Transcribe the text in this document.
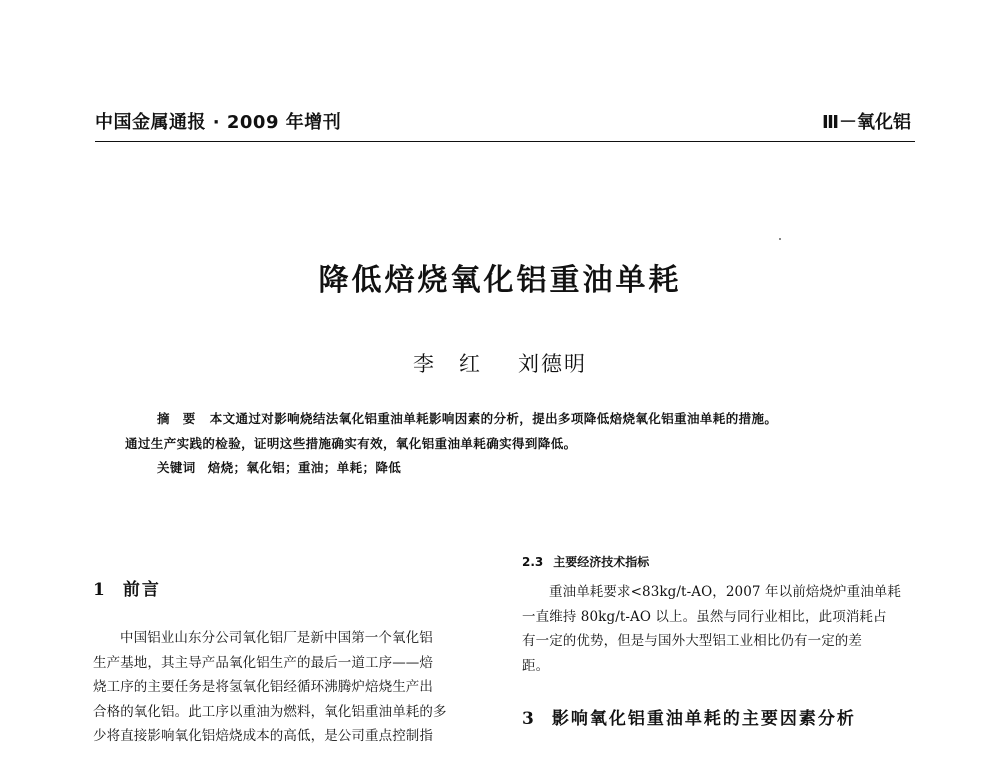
中国金属通报 · 2009 年增刊	Ⅲ－氧化铝
降低焙烧氧化铝重油单耗
李　红 刘德明
摘　要 本文通过对影响烧结法氧化铝重油单耗影响因素的分析，提出多项降低焙烧氧化铝重油单耗的措施。
通过生产实践的检验，证明这些措施确实有效，氧化铝重油单耗确实得到降低。
关键词 焙烧；氧化铝；重油；单耗；降低
1 前言
中国铝业山东分公司氧化铝厂是新中国第一个氧化铝
生产基地，其主导产品氧化铝生产的最后一道工序——焙
烧工序的主要任务是将氢氧化铝经循环沸腾炉焙烧生产出
合格的氧化铝。此工序以重油为燃料，氧化铝重油单耗的多
少将直接影响氧化铝焙烧成本的高低，是公司重点控制指
2.3 主要经济技术指标
重油单耗要求<83kg/t-AO，2007 年以前焙烧炉重油单耗
一直维持 80kg/t-AO 以上。虽然与同行业相比，此项消耗占
有一定的优势，但是与国外大型铝工业相比仍有一定的差
距。
3 影响氧化铝重油单耗的主要因素分析
